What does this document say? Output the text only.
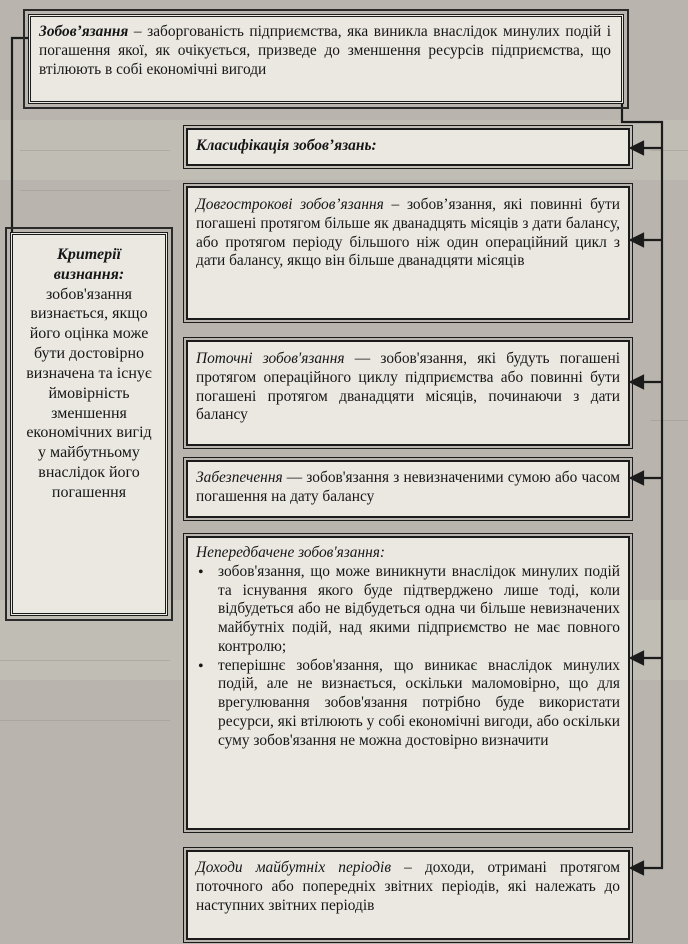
Зобов’язання – заборгованість підприємства, яка виникла внаслідок минулих подій і погашення якої, як очікується, призведе до зменшення ресурсів підприємства, що втілюють в собі економічні вигоди
Класифікація зобов’язань:
Критерії визнання: зобов'язання визнається, якщо його оцінка може бути достовірно визначена та існує ймовірність зменшення економічних вигід у майбутньому внаслідок його погашення
Довгострокові зобов’язання – зобов’язання, які повинні бути погашені протягом більше як дванадцять місяців з дати балансу, або протягом періоду більшого ніж один операційний цикл з дати балансу, якщо він більше дванадцяти місяців
Поточні зобов'язання — зобов'язання, які будуть погашені протягом операційного циклу підприємства або повинні бути погашені протягом дванадцяти місяців, починаючи з дати балансу
Забезпечення — зобов'язання з невизначеними сумою або часом погашення на дату балансу
Непередбачене зобов'язання:
• зобов'язання, що може виникнути внаслідок минулих подій та існування якого буде підтверджено лише тоді, коли відбудеться або не відбудеться одна чи більше невизначених майбутніх подій, над якими підприємство не має повного контролю;
• теперішнє зобов'язання, що виникає внаслідок минулих подій, але не визнається, оскільки маломовірно, що для врегулювання зобов'язання потрібно буде використати ресурси, які втілюють у собі економічні вигоди, або оскільки суму зобов'язання не можна достовірно визначити
Доходи майбутніх періодів – доходи, отримані протягом поточного або попередніх звітних періодів, які належать до наступних звітних періодів
